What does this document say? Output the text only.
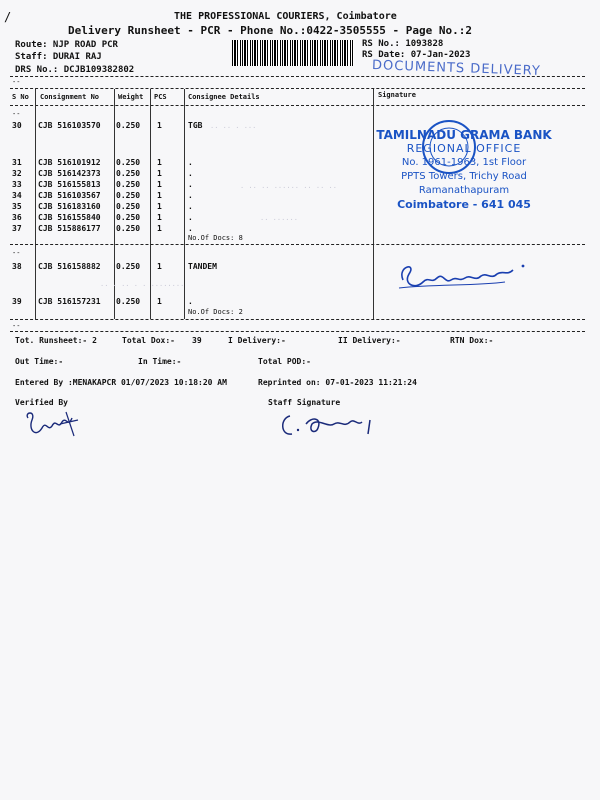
THE PROFESSIONAL COURIERS, Coimbatore
Delivery Runsheet - PCR - Phone No.:0422-3505555 - Page No.:2
Route: NJP ROAD PCR
Staff: DURAI RAJ
DRS No.: DCJB109382802
RS No.: 1093828
RS Date: 07-Jan-2023
DOCUMENTS DELIVERY
--
S No Consignment No	Weight PCS	Consignee Details	Signature
--
30 CJB 516103570 0.250 1	TGB
31 CJB 516101912 0.250 1	.
32 CJB 516142373 0.250 1	.
33 CJB 516155813 0.250 1	.
34 CJB 516103567 0.250 1	.
35 CJB 516183160 0.250 1	.
36 CJB 516155840 0.250 1	.
37 CJB 515886177 0.250 1	.
No.Of Docs: 8
--
38 CJB 516158882 0.250 1	TANDEM
39 CJB 516157231 0.250 1	.
No.Of Docs: 2
--
·· ·· · ···
· ·· ·· ······ ·· ·· ··
·· ······
·· · ·· · · ········
TAMILNADU GRAMA BANK
REGIONAL OFFICE
No. 1961-1963, 1st Floor
PPTS Towers, Trichy Road
Ramanathapuram
Coimbatore - 641 045
Tot. Runsheet:- 2	Total Dox:- 39	I Delivery:-	II Delivery:-	RTN Dox:-
Out Time:-	In Time:-	Total POD:-
Entered By :MENAKAPCR 01/07/2023 10:18:20 AM	Reprinted on: 07-01-2023 11:21:24
Verified By	Staff Signature
/
